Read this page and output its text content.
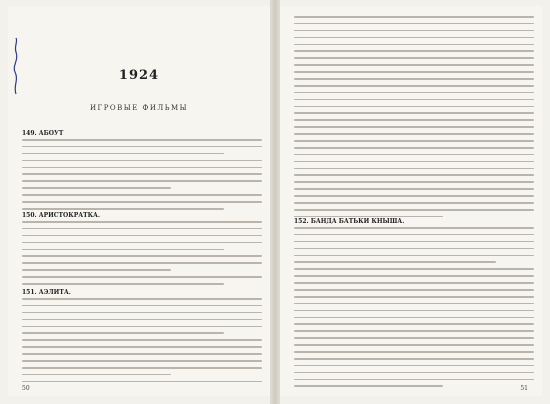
1924
ИГРОВЫЕ ФИЛЬМЫ
149. АБОУТ
150. АРИСТОКРАТКА.
151. АЭЛИТА.
50
152. БАНДА БАТЬКИ КНЫША.
51
